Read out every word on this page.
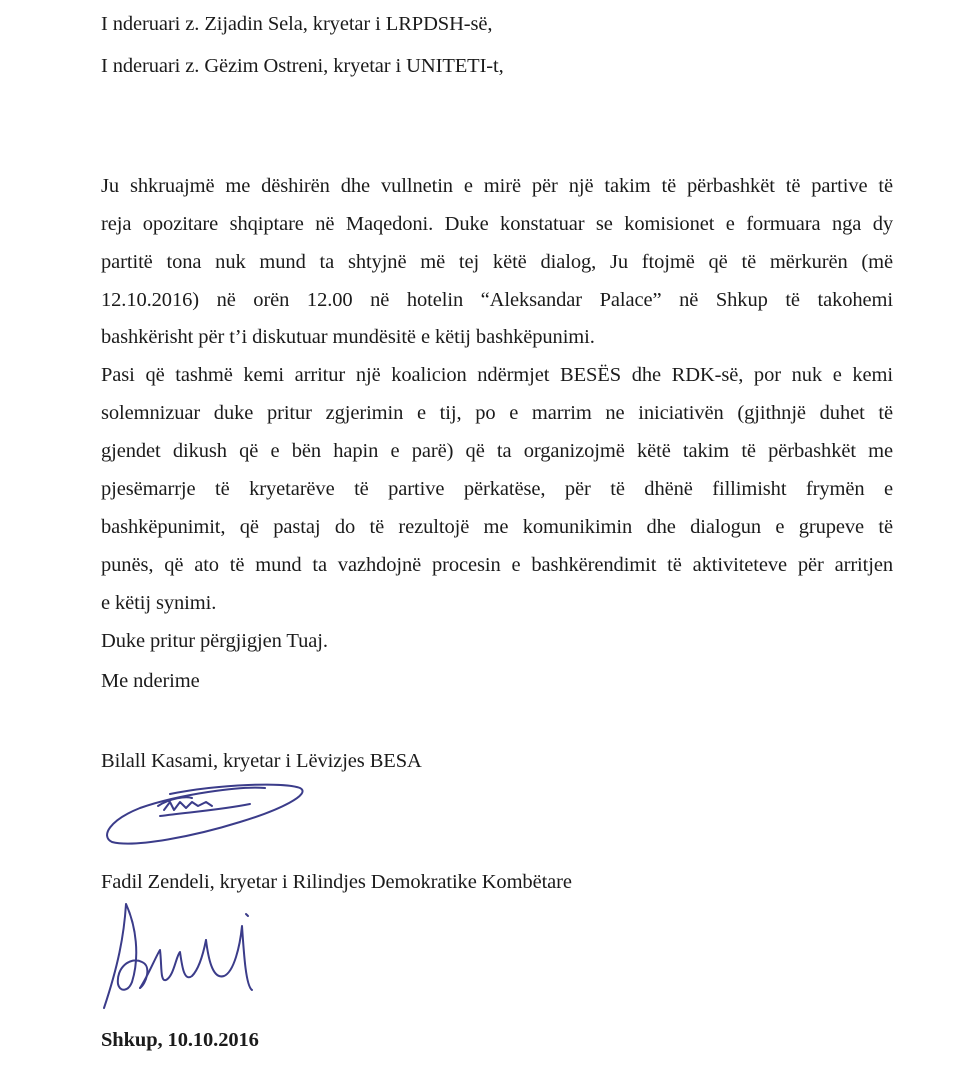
I nderuari z. Zijadin Sela, kryetar i LRPDSH-së,
I nderuari z. Gëzim Ostreni, kryetar i UNITETI-t,
Ju shkruajmë me dëshirën dhe vullnetin e mirë për një takim të përbashkët të partive të
reja opozitare shqiptare në Maqedoni. Duke konstatuar se komisionet e formuara nga dy
partitë tona nuk mund ta shtyjnë më tej këtë dialog, Ju ftojmë që të mërkurën (më
12.10.2016) në orën 12.00 në hotelin “Aleksandar Palace” në Shkup të takohemi
bashkërisht për t’i diskutuar mundësitë e këtij bashkëpunimi.
Pasi që tashmë kemi arritur një koalicion ndërmjet BESËS dhe RDK-së, por nuk e kemi
solemnizuar duke pritur zgjerimin e tij, po e marrim ne iniciativën (gjithnjë duhet të
gjendet dikush që e bën hapin e parë) që ta organizojmë këtë takim të përbashkët me
pjesëmarrje të kryetarëve të partive përkatëse, për të dhënë fillimisht frymën e
bashkëpunimit, që pastaj do të rezultojë me komunikimin dhe dialogun e grupeve të
punës, që ato të mund ta vazhdojnë procesin e bashkërendimit të aktiviteteve për arritjen
e këtij synimi.
Duke pritur përgjigjen Tuaj.
Me nderime
Bilall Kasami, kryetar i Lëvizjes BESA
Fadil Zendeli, kryetar i Rilindjes Demokratike Kombëtare
Shkup, 10.10.2016
